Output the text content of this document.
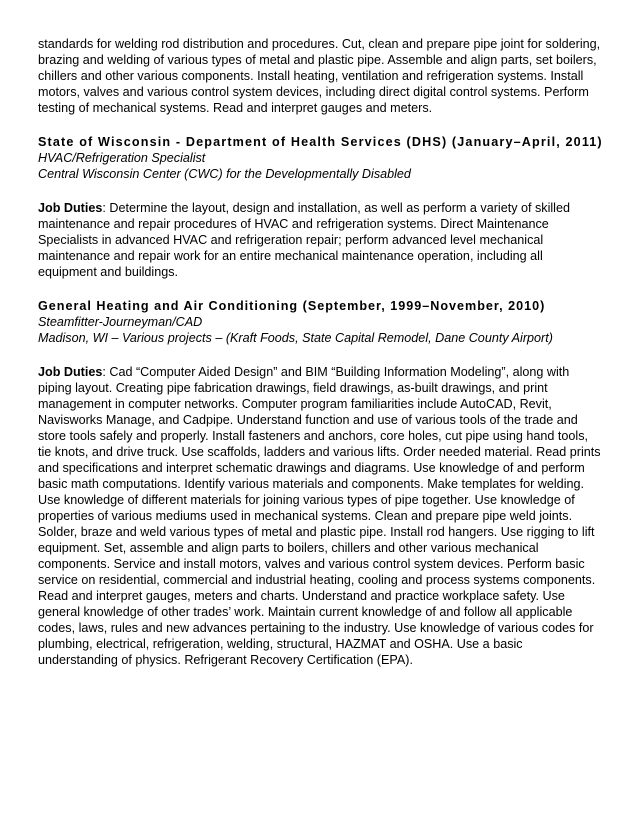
standards for welding rod distribution and procedures. Cut, clean and prepare pipe joint for soldering, brazing and welding of various types of metal and plastic pipe. Assemble and align parts, set boilers, chillers and other various components. Install heating, ventilation and refrigeration systems. Install motors, valves and various control system devices, including direct digital control systems. Perform testing of mechanical systems. Read and interpret gauges and meters.

State of Wisconsin - Department of Health Services (DHS) (January–April, 2011)

HVAC/Refrigeration Specialist

Central Wisconsin Center (CWC) for the Developmentally Disabled

Job Duties: Determine the layout, design and installation, as well as perform a variety of skilled maintenance and repair procedures of HVAC and refrigeration systems. Direct Maintenance Specialists in advanced HVAC and refrigeration repair; perform advanced level mechanical maintenance and repair work for an entire mechanical maintenance operation, including all equipment and buildings.

General Heating and Air Conditioning (September, 1999–November, 2010)

Steamfitter-Journeyman/CAD

Madison, WI – Various projects – (Kraft Foods, State Capital Remodel, Dane County Airport)

Job Duties: Cad “Computer Aided Design” and BIM “Building Information Modeling”, along with piping layout. Creating pipe fabrication drawings, field drawings, as-built drawings, and print management in computer networks. Computer program familiarities include AutoCAD, Revit, Navisworks Manage, and Cadpipe. Understand function and use of various tools of the trade and store tools safely and properly. Install fasteners and anchors, core holes, cut pipe using hand tools, tie knots, and drive truck. Use scaffolds, ladders and various lifts. Order needed material. Read prints and specifications and interpret schematic drawings and diagrams. Use knowledge of and perform basic math computations. Identify various materials and components. Make templates for welding. Use knowledge of different materials for joining various types of pipe together. Use knowledge of properties of various mediums used in mechanical systems. Clean and prepare pipe weld joints. Solder, braze and weld various types of metal and plastic pipe. Install rod hangers. Use rigging to lift equipment. Set, assemble and align parts to boilers, chillers and other various mechanical components. Service and install motors, valves and various control system devices. Perform basic service on residential, commercial and industrial heating, cooling and process systems components. Read and interpret gauges, meters and charts. Understand and practice workplace safety. Use general knowledge of other trades’ work. Maintain current knowledge of and follow all applicable codes, laws, rules and new advances pertaining to the industry. Use knowledge of various codes for plumbing, electrical, refrigeration, welding, structural, HAZMAT and OSHA. Use a basic understanding of physics. Refrigerant Recovery Certification (EPA).
